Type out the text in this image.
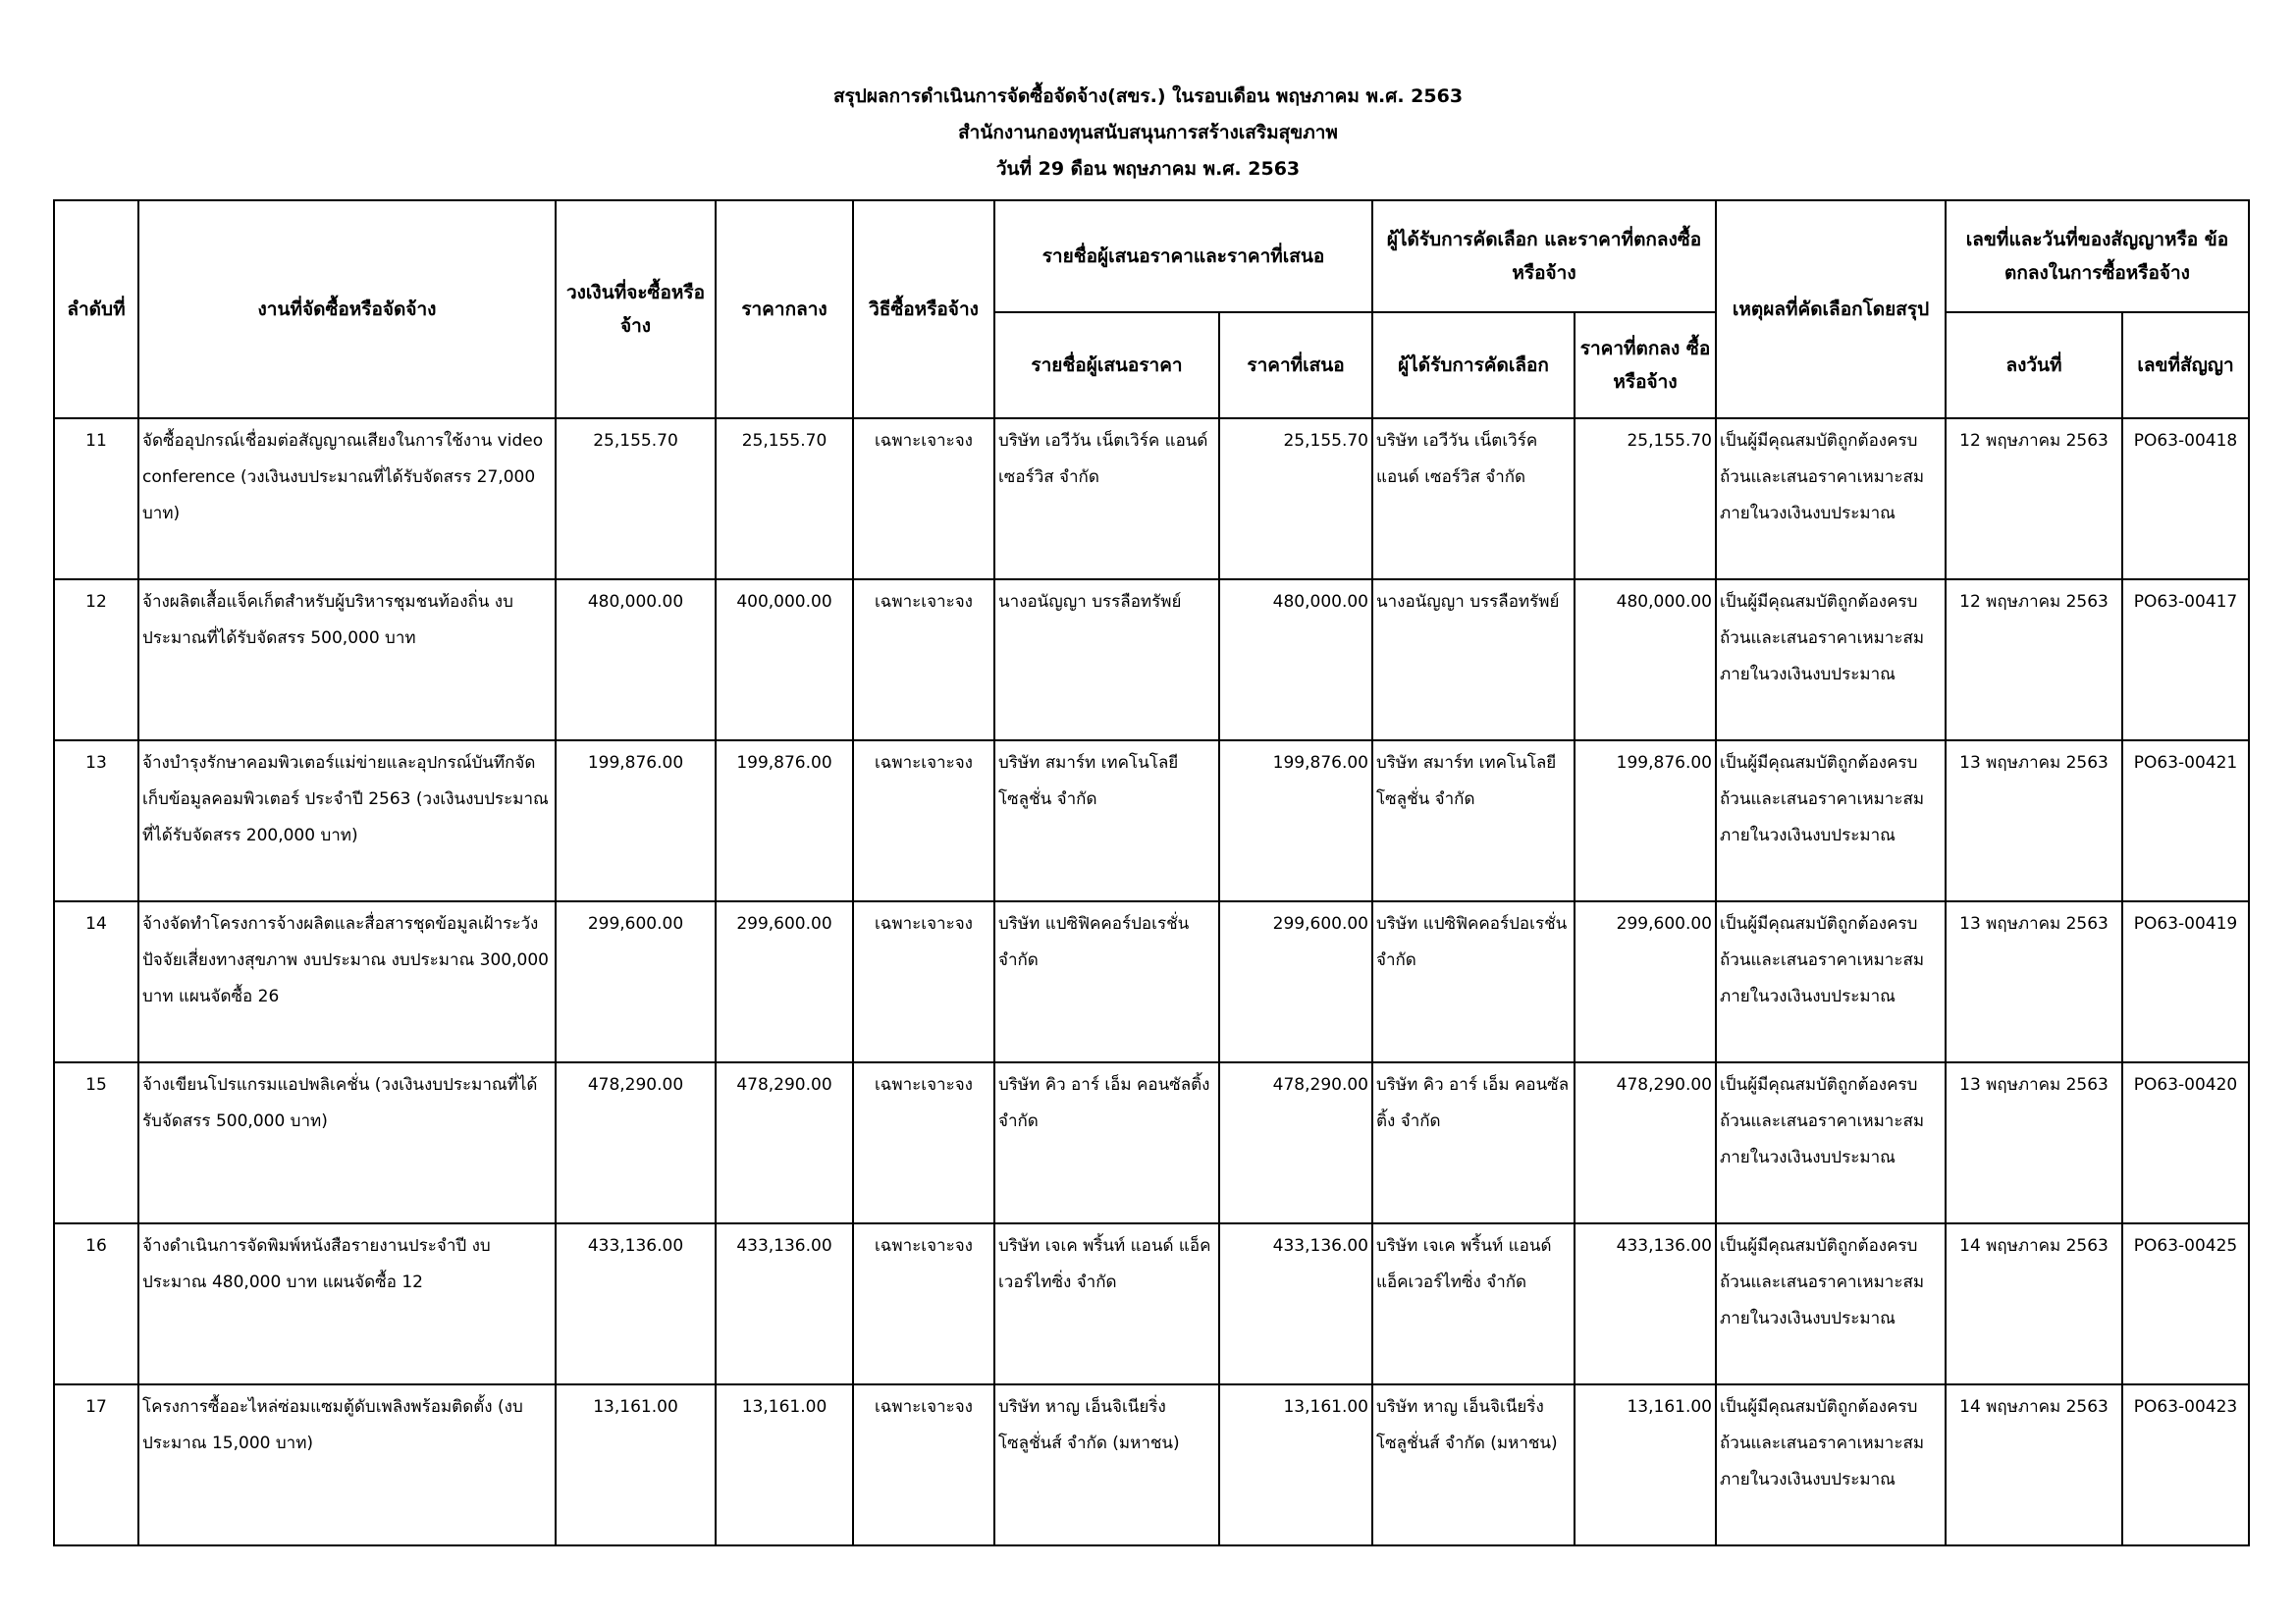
สรุปผลการดำเนินการจัดซื้อจัดจ้าง(สขร.) ในรอบเดือน พฤษภาคม พ.ศ. 2563
สำนักงานกองทุนสนับสนุนการสร้างเสริมสุขภาพ
วันที่ 29 ดือน พฤษภาคม พ.ศ. 2563
ลำดับที่	งานที่จัดซื้อหรือจัดจ้าง	วงเงินที่จะซื้อหรือจ้าง	ราคากลาง	วิธีซื้อหรือจ้าง	รายชื่อผู้เสนอราคาและราคาที่เสนอ		ผู้ได้รับการคัดเลือก และราคาที่ตกลงซื้อหรือจ้าง		เหตุผลที่คัดเลือกโดยสรุป	เลขที่และวันที่ของสัญญาหรือ ข้อตกลงในการซื้อหรือจ้าง	
					รายชื่อผู้เสนอราคา	ราคาที่เสนอ	ผู้ได้รับการคัดเลือก	ราคาที่ตกลง ซื้อหรือจ้าง		ลงวันที่	เลขที่สัญญา
11	จัดซื้ออุปกรณ์เชื่อมต่อสัญญาณเสียงในการใช้งาน video conference (วงเงินงบประมาณที่ได้รับจัดสรร 27,000 บาท)	25,155.70	25,155.70	เฉพาะเจาะจง	บริษัท เอวีวัน เน็ตเวิร์ค แอนด์ เซอร์วิส จำกัด	25,155.70	บริษัท เอวีวัน เน็ตเวิร์ค แอนด์ เซอร์วิส จำกัด	25,155.70	เป็นผู้มีคุณสมบัติถูกต้องครบถ้วนและเสนอราคาเหมาะสมภายในวงเงินงบประมาณ	12 พฤษภาคม 2563	PO63-00418
12	จ้างผลิตเสื้อแจ็คเก็ตสำหรับผู้บริหารชุมชนท้องถิ่น งบประมาณที่ได้รับจัดสรร 500,000 บาท	480,000.00	400,000.00	เฉพาะเจาะจง	นางอนัญญา บรรลือทรัพย์	480,000.00	นางอนัญญา บรรลือทรัพย์	480,000.00	เป็นผู้มีคุณสมบัติถูกต้องครบถ้วนและเสนอราคาเหมาะสมภายในวงเงินงบประมาณ	12 พฤษภาคม 2563	PO63-00417
13	จ้างบำรุงรักษาคอมพิวเตอร์แม่ข่ายและอุปกรณ์บันทึกจัดเก็บข้อมูลคอมพิวเตอร์ ประจำปี 2563 (วงเงินงบประมาณที่ได้รับจัดสรร 200,000 บาท)	199,876.00	199,876.00	เฉพาะเจาะจง	บริษัท สมาร์ท เทคโนโลยี โซลูชั่น จำกัด	199,876.00	บริษัท สมาร์ท เทคโนโลยี โซลูชั่น จำกัด	199,876.00	เป็นผู้มีคุณสมบัติถูกต้องครบถ้วนและเสนอราคาเหมาะสมภายในวงเงินงบประมาณ	13 พฤษภาคม 2563	PO63-00421
14	จ้างจัดทำโครงการจ้างผลิตและสื่อสารชุดข้อมูลเฝ้าระวังปัจจัยเสี่ยงทางสุขภาพ งบประมาณ งบประมาณ 300,000 บาท แผนจัดซื้อ 26	299,600.00	299,600.00	เฉพาะเจาะจง	บริษัท แปซิฟิคคอร์ปอเรชั่น จำกัด	299,600.00	บริษัท แปซิฟิคคอร์ปอเรชั่น จำกัด	299,600.00	เป็นผู้มีคุณสมบัติถูกต้องครบถ้วนและเสนอราคาเหมาะสมภายในวงเงินงบประมาณ	13 พฤษภาคม 2563	PO63-00419
15	จ้างเขียนโปรแกรมแอปพลิเคชั่น (วงเงินงบประมาณที่ได้รับจัดสรร 500,000 บาท)	478,290.00	478,290.00	เฉพาะเจาะจง	บริษัท คิว อาร์ เอ็ม คอนซัลติ้ง จำกัด	478,290.00	บริษัท คิว อาร์ เอ็ม คอนซัลติ้ง จำกัด	478,290.00	เป็นผู้มีคุณสมบัติถูกต้องครบถ้วนและเสนอราคาเหมาะสมภายในวงเงินงบประมาณ	13 พฤษภาคม 2563	PO63-00420
16	จ้างดำเนินการจัดพิมพ์หนังสือรายงานประจำปี งบประมาณ 480,000 บาท แผนจัดซื้อ 12	433,136.00	433,136.00	เฉพาะเจาะจง	บริษัท เจเค พริ้นท์ แอนด์ แอ็คเวอร์ไทซิ่ง จำกัด	433,136.00	บริษัท เจเค พริ้นท์ แอนด์ แอ็คเวอร์ไทซิ่ง จำกัด	433,136.00	เป็นผู้มีคุณสมบัติถูกต้องครบถ้วนและเสนอราคาเหมาะสมภายในวงเงินงบประมาณ	14 พฤษภาคม 2563	PO63-00425
17	โครงการซื้ออะไหล่ซ่อมแซมตู้ดับเพลิงพร้อมติดตั้ง (งบประมาณ 15,000 บาท)	13,161.00	13,161.00	เฉพาะเจาะจง	บริษัท หาญ เอ็นจิเนียริ่ง โซลูชั่นส์ จำกัด (มหาชน)	13,161.00	บริษัท หาญ เอ็นจิเนียริ่ง โซลูชั่นส์ จำกัด (มหาชน)	13,161.00	เป็นผู้มีคุณสมบัติถูกต้องครบถ้วนและเสนอราคาเหมาะสมภายในวงเงินงบประมาณ	14 พฤษภาคม 2563	PO63-00423
